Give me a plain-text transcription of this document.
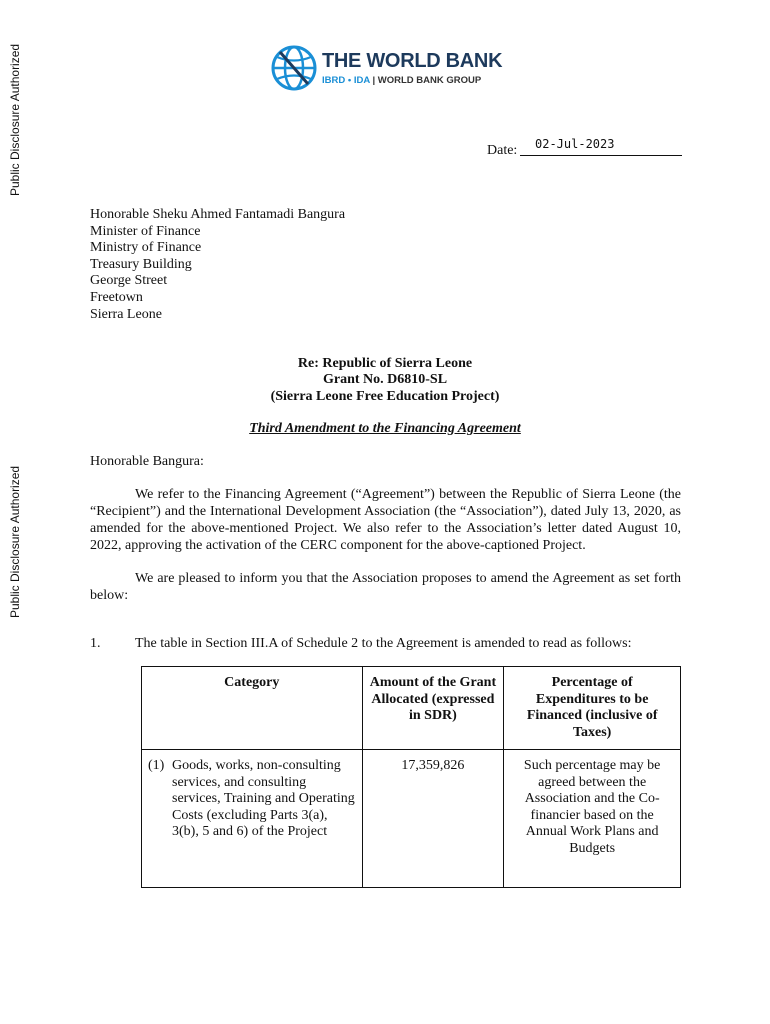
Public Disclosure Authorized
Public Disclosure Authorized
THE WORLD BANK
IBRD • IDA | WORLD BANK GROUP
02-Jul-2023
Date:
Honorable Sheku Ahmed Fantamadi Bangura
Minister of Finance
Ministry of Finance
Treasury Building
George Street
Freetown
Sierra Leone
Re: Republic of Sierra Leone
Grant No. D6810-SL
(Sierra Leone Free Education Project)
Third Amendment to the Financing Agreement
Honorable Bangura:
We refer to the Financing Agreement (“Agreement”) between the Republic of Sierra Leone (the “Recipient”) and the International Development Association (the “Association”), dated July 13, 2020, as amended for the above-mentioned Project. We also refer to the Association’s letter dated August 10, 2022, approving the activation of the CERC component for the above-captioned Project.
We are pleased to inform you that the Association proposes to amend the Agreement as set forth below:
1. The table in Section III.A of Schedule 2 to the Agreement is amended to read as follows:
Category	Amount of the Grant Allocated (expressed in SDR)	Percentage of Expenditures to be Financed (inclusive of Taxes)

(1) Goods, works, non-consulting services, and consulting services, Training and Operating Costs (excluding Parts 3(a), 3(b), 5 and 6) of the Project	17,359,826	Such percentage may be agreed between the Association and the Co-financier based on the Annual Work Plans and Budgets
